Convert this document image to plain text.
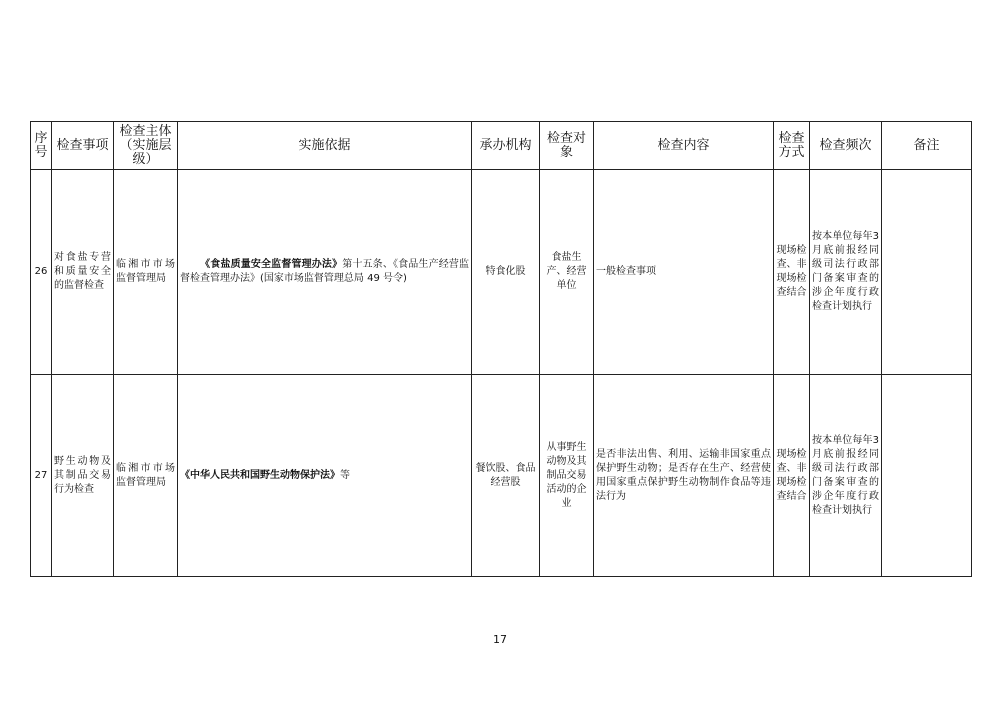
序号	检查事项	检查主体（实施层级）	实施依据	承办机构	检查对象	检查内容	检查方式	检查频次	备注
26	对食盐专营和质量安全的监督检查	临湘市市场监督管理局	  《食盐质量安全监督管理办法》第十五条、《食品生产经营监督检查管理办法》(国家市场监督管理总局 49 号令)	特食化股	食盐生产、经营单位	一般检查事项	现场检查、非现场检查结合	按本单位每年3月底前报经同级司法行政部门备案审查的涉企年度行政检查计划执行	
27	野生动物及其制品交易行为检查	临湘市市场监督管理局	《中华人民共和国野生动物保护法》等	餐饮股、食品经营股	从事野生动物及其制品交易活动的企业	是否非法出售、利用、运输非国家重点保护野生动物；是否存在生产、经营使用国家重点保护野生动物制作食品等违法行为	现场检查、非现场检查结合	按本单位每年3月底前报经同级司法行政部门备案审查的涉企年度行政检查计划执行	
17
